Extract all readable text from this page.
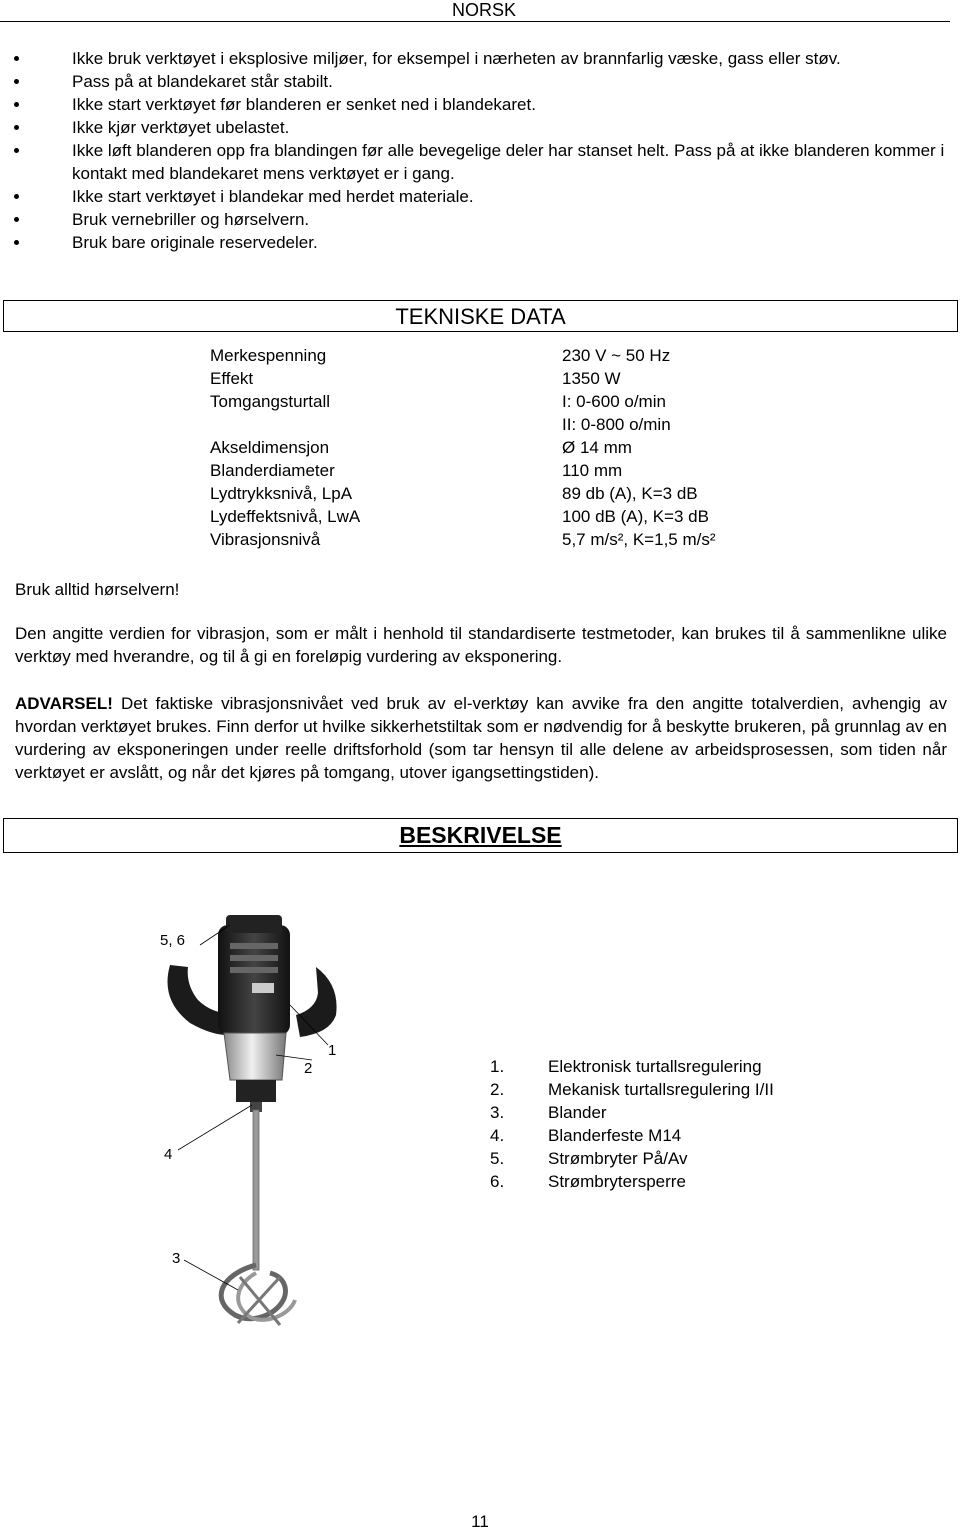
NORSK
Ikke bruk verktøyet i eksplosive miljøer, for eksempel i nærheten av brannfarlig væske, gass eller støv.
Pass på at blandekaret står stabilt.
Ikke start verktøyet før blanderen er senket ned i blandekaret.
Ikke kjør verktøyet ubelastet.
Ikke løft blanderen opp fra blandingen før alle bevegelige deler har stanset helt. Pass på at ikke blanderen kommer i kontakt med blandekaret mens verktøyet er i gang.
Ikke start verktøyet i blandekar med herdet materiale.
Bruk vernebriller og hørselvern.
Bruk bare originale reservedeler.
TEKNISKE DATA
Merkespenning	230 V ~ 50 Hz
Effekt	1350 W
Tomgangsturtall	I: 0-600 o/min
II: 0-800 o/min
Akseldimensjon	Ø 14 mm
Blanderdiameter	110 mm
Lydtrykksnivå, LpA	89 db (A), K=3 dB
Lydeffektsnivå, LwA	100 dB (A), K=3 dB
Vibrasjonsnivå	5,7 m/s², K=1,5 m/s²
Bruk alltid hørselvern!
Den angitte verdien for vibrasjon, som er målt i henhold til standardiserte testmetoder, kan brukes til å sammenlikne ulike verktøy med hverandre, og til å gi en foreløpig vurdering av eksponering.
ADVARSEL! Det faktiske vibrasjonsnivået ved bruk av el-verktøy kan avvike fra den angitte totalverdien, avhengig av hvordan verktøyet brukes. Finn derfor ut hvilke sikkerhetstiltak som er nødvendig for å beskytte brukeren, på grunnlag av en vurdering av eksponeringen under reelle driftsforhold (som tar hensyn til alle delene av arbeidsprosessen, som tiden når verktøyet er avslått, og når det kjøres på tomgang, utover igangsettingstiden).
BESKRIVELSE
5, 6
1
2
4
3
1.	Elektronisk turtallsregulering
2.	Mekanisk turtallsregulering I/II
3.	Blander
4.	Blanderfeste M14
5.	Strømbryter På/Av
6.	Strømbrytersperre
11
